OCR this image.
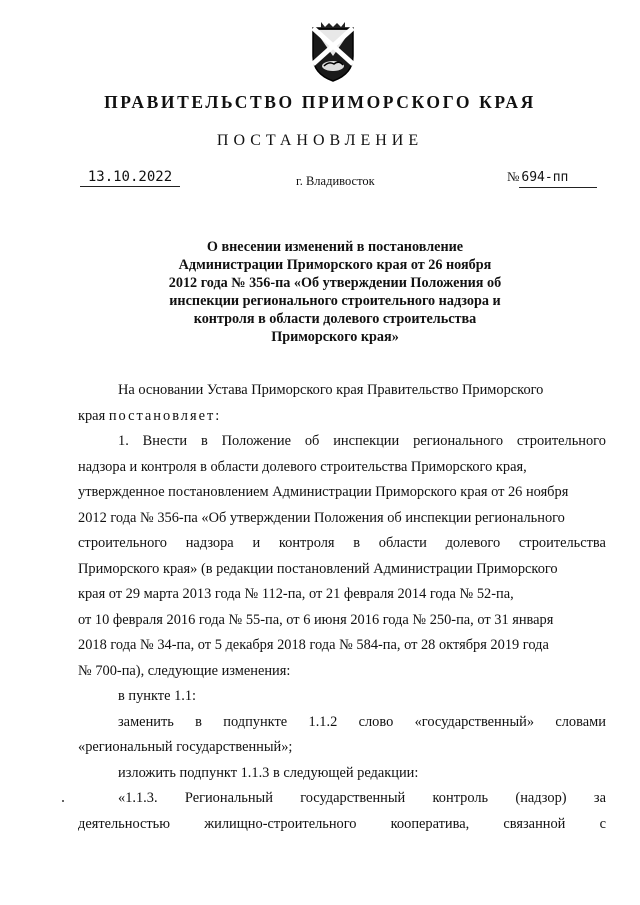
ПРАВИТЕЛЬСТВО ПРИМОРСКОГО КРАЯ
ПОСТАНОВЛЕНИЕ
13.10.2022	г. Владивосток	№ 694-пп
О внесении изменений в постановление
Администрации Приморского края от 26 ноября
2012 года № 356-па «Об утверждении Положения об
инспекции регионального строительного надзора и
контроля в области долевого строительства
Приморского края»
На основании Устава Приморского края Правительство Приморского
края постановляет:
1. Внести в Положение об инспекции регионального строительного
надзора и контроля в области долевого строительства Приморского края,
утвержденное постановлением Администрации Приморского края от 26 ноября
2012 года № 356-па «Об утверждении Положения об инспекции регионального
строительного надзора и контроля в области долевого строительства
Приморского края» (в редакции постановлений Администрации Приморского
края от 29 марта 2013 года № 112-па, от 21 февраля 2014 года № 52-па,
от 10 февраля 2016 года № 55-па, от 6 июня 2016 года № 250-па, от 31 января
2018 года № 34-па, от 5 декабря 2018 года № 584-па, от 28 октября 2019 года
№ 700-па), следующие изменения:
в пункте 1.1:
заменить в подпункте 1.1.2 слово «государственный» словами
«региональный государственный»;
изложить подпункт 1.1.3 в следующей редакции:
«1.1.3. Региональный государственный контроль (надзор) за
деятельностью жилищно-строительного кооператива, связанной с
